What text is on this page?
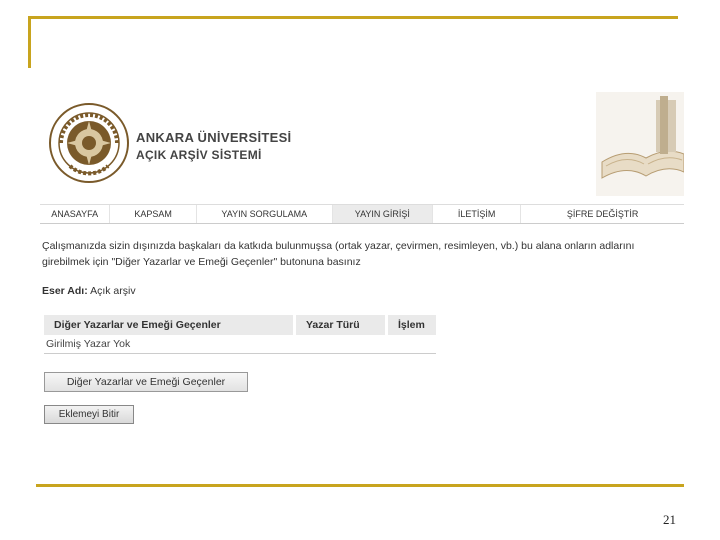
ANKARA ÜNİVERSİTESİ
AÇIK ARŞİV SİSTEMİ
ANASAYFA	KAPSAM	YAYIN SORGULAMA	YAYIN GİRİŞİ	İLETİŞİM	ŞİFRE DEĞİŞTİR
Çalışmanızda sizin dışınızda başkaları da katkıda bulunmuşsa (ortak yazar, çevirmen, resimleyen, vb.) bu alana onların adlarını girebilmek için "Diğer Yazarlar ve Emeği Geçenler" butonuna basınız
Eser Adı: Açık arşiv
Diğer Yazarlar ve Emeği Geçenler	Yazar Türü	İşlem
Girilmiş Yazar Yok
Diğer Yazarlar ve Emeği Geçenler
Eklemeyi Bitir
21
